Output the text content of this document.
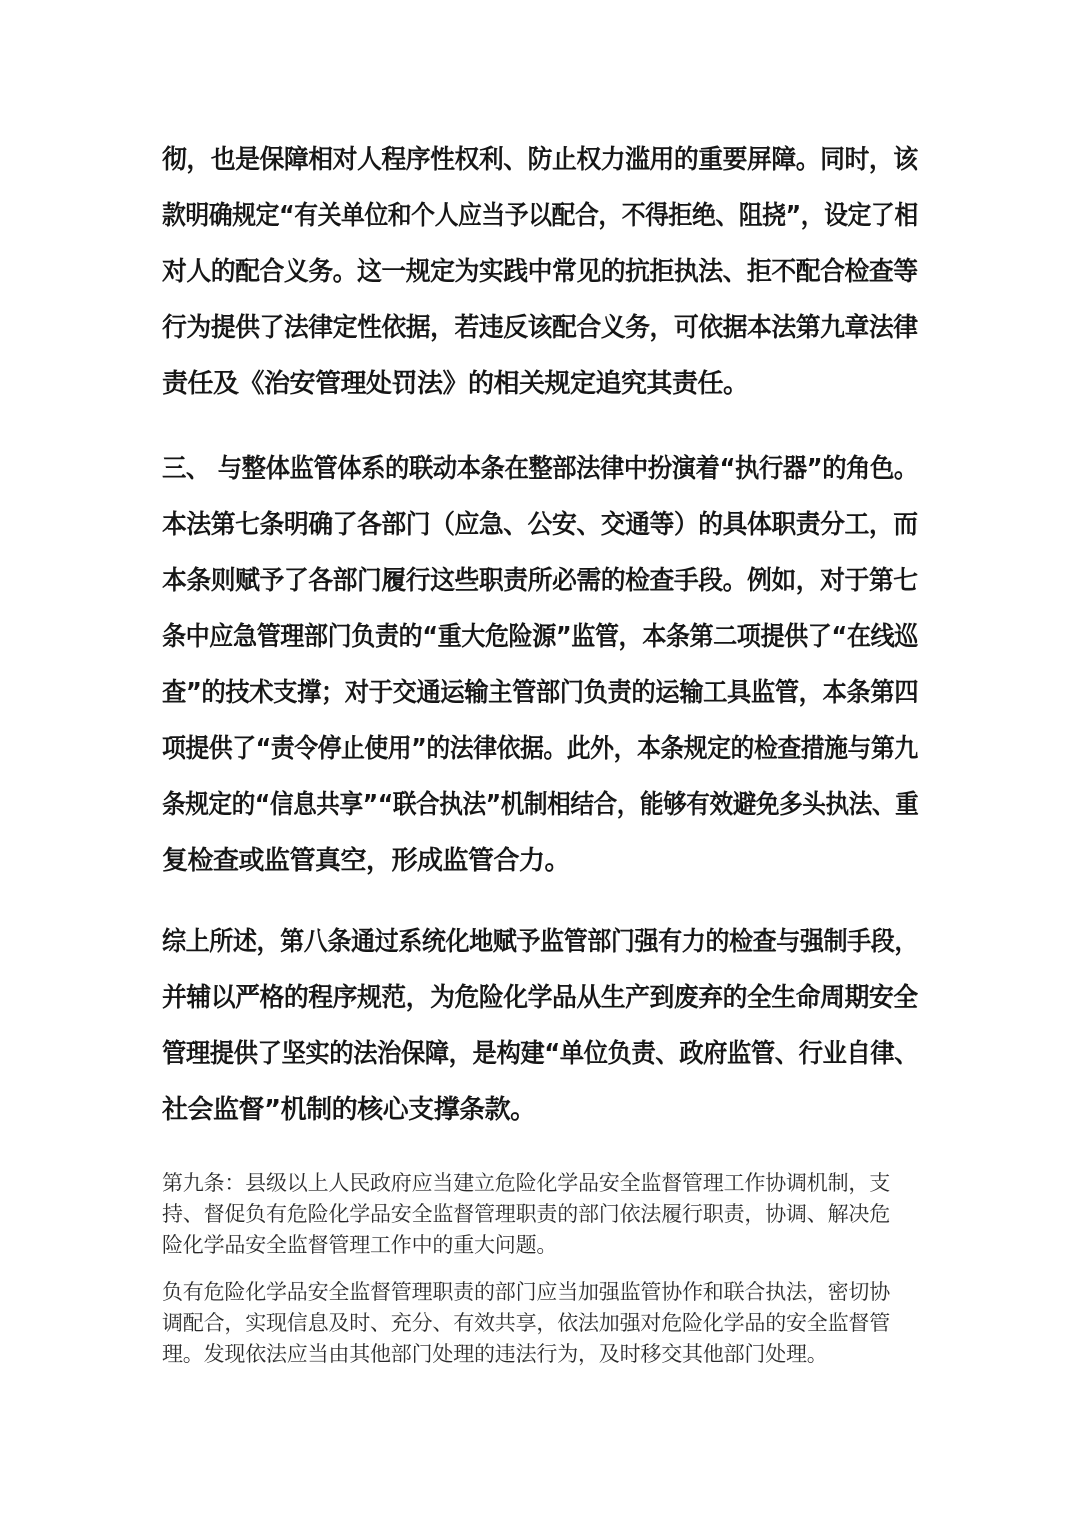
彻，也是保障相对人程序性权利、防止权力滥用的重要屏障。同时，该

款明确规定“有关单位和个人应当予以配合，不得拒绝、阻挠”，设定了相

对人的配合义务。这一规定为实践中常见的抗拒执法、拒不配合检查等

行为提供了法律定性依据，若违反该配合义务，可依据本法第九章法律

责任及《治安管理处罚法》的相关规定追究其责任。

三、 与整体监管体系的联动本条在整部法律中扮演着“执行器”的角色。

本法第七条明确了各部门（应急、公安、交通等）的具体职责分工，而

本条则赋予了各部门履行这些职责所必需的检查手段。例如，对于第七

条中应急管理部门负责的“重大危险源”监管，本条第二项提供了“在线巡

查”的技术支撑；对于交通运输主管部门负责的运输工具监管，本条第四

项提供了“责令停止使用”的法律依据。此外，本条规定的检查措施与第九

条规定的“信息共享”“联合执法”机制相结合，能够有效避免多头执法、重

复检查或监管真空，形成监管合力。

综上所述，第八条通过系统化地赋予监管部门强有力的检查与强制手段，

并辅以严格的程序规范，为危险化学品从生产到废弃的全生命周期安全

管理提供了坚实的法治保障，是构建“单位负责、政府监管、行业自律、

社会监督”机制的核心支撑条款。

第九条：县级以上人民政府应当建立危险化学品安全监督管理工作协调机制，支

持、督促负有危险化学品安全监督管理职责的部门依法履行职责，协调、解决危

险化学品安全监督管理工作中的重大问题。

负有危险化学品安全监督管理职责的部门应当加强监管协作和联合执法，密切协

调配合，实现信息及时、充分、有效共享，依法加强对危险化学品的安全监督管

理。发现依法应当由其他部门处理的违法行为，及时移交其他部门处理。
